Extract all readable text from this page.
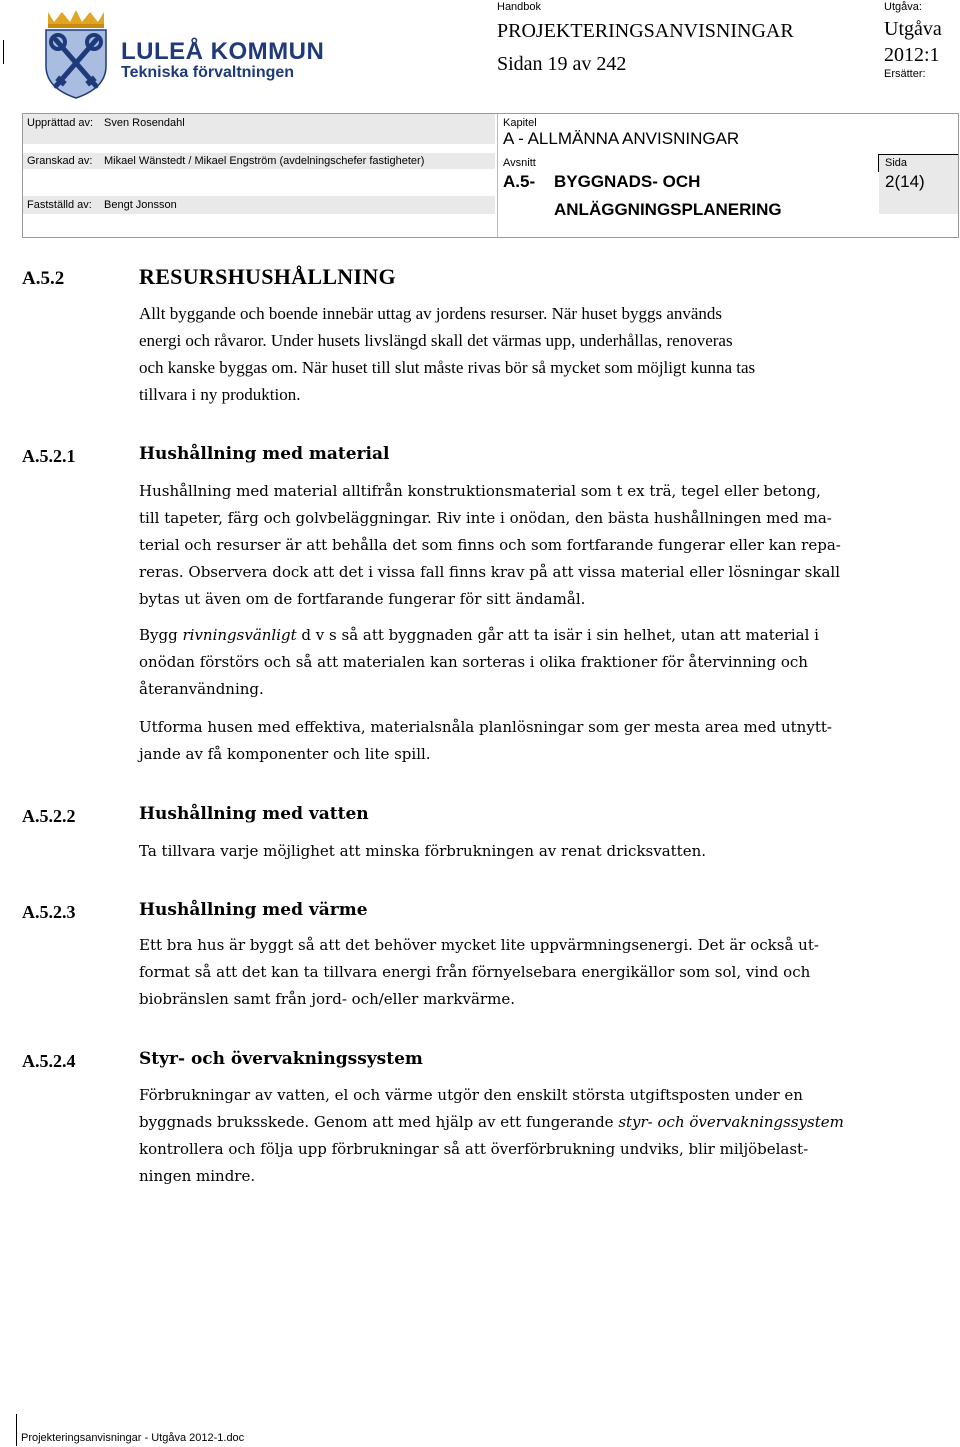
LULEÅ KOMMUN
Tekniska förvaltningen
Handbok
PROJEKTERINGSANVISNINGAR
Sidan 19 av 242
Utgåva:
Utgåva
2012:1
Ersätter:
Upprättad av: Sven Rosendahl
Granskad av: Mikael Wänstedt / Mikael Engström (avdelningschefer fastigheter)
Fastställd av: Bengt Jonsson
Kapitel
A - ALLMÄNNA ANVISNINGAR
Avsnitt
A.5- BYGGNADS- OCH
ANLÄGGNINGSPLANERING
Sida
2(14)
A.5.2	RESURSHUSHÅLLNING
Allt byggande och boende innebär uttag av jordens resurser. När huset byggs används
energi och råvaror. Under husets livslängd skall det värmas upp, underhållas, renoveras
och kanske byggas om. När huset till slut måste rivas bör så mycket som möjligt kunna tas
tillvara i ny produktion.
A.5.2.1	Hushållning med material
Hushållning med material alltifrån konstruktionsmaterial som t ex trä, tegel eller betong,
till tapeter, färg och golvbeläggningar. Riv inte i onödan, den bästa hushållningen med ma-
terial och resurser är att behålla det som finns och som fortfarande fungerar eller kan repa-
reras. Observera dock att det i vissa fall finns krav på att vissa material eller lösningar skall
bytas ut även om de fortfarande fungerar för sitt ändamål.
Bygg rivningsvänligt d v s så att byggnaden går att ta isär i sin helhet, utan att material i
onödan förstörs och så att materialen kan sorteras i olika fraktioner för återvinning och
återanvändning.
Utforma husen med effektiva, materialsnåla planlösningar som ger mesta area med utnytt-
jande av få komponenter och lite spill.
A.5.2.2	Hushållning med vatten
Ta tillvara varje möjlighet att minska förbrukningen av renat dricksvatten.
A.5.2.3	Hushållning med värme
Ett bra hus är byggt så att det behöver mycket lite uppvärmningsenergi. Det är också ut-
format så att det kan ta tillvara energi från förnyelsebara energikällor som sol, vind och
biobränslen samt från jord- och/eller markvärme.
A.5.2.4	Styr- och övervakningssystem
Förbrukningar av vatten, el och värme utgör den enskilt största utgiftsposten under en
byggnads bruksskede. Genom att med hjälp av ett fungerande styr- och övervakningssystem
kontrollera och följa upp förbrukningar så att överförbrukning undviks, blir miljöbelast-
ningen mindre.
Projekteringsanvisningar - Utgåva 2012-1.doc
